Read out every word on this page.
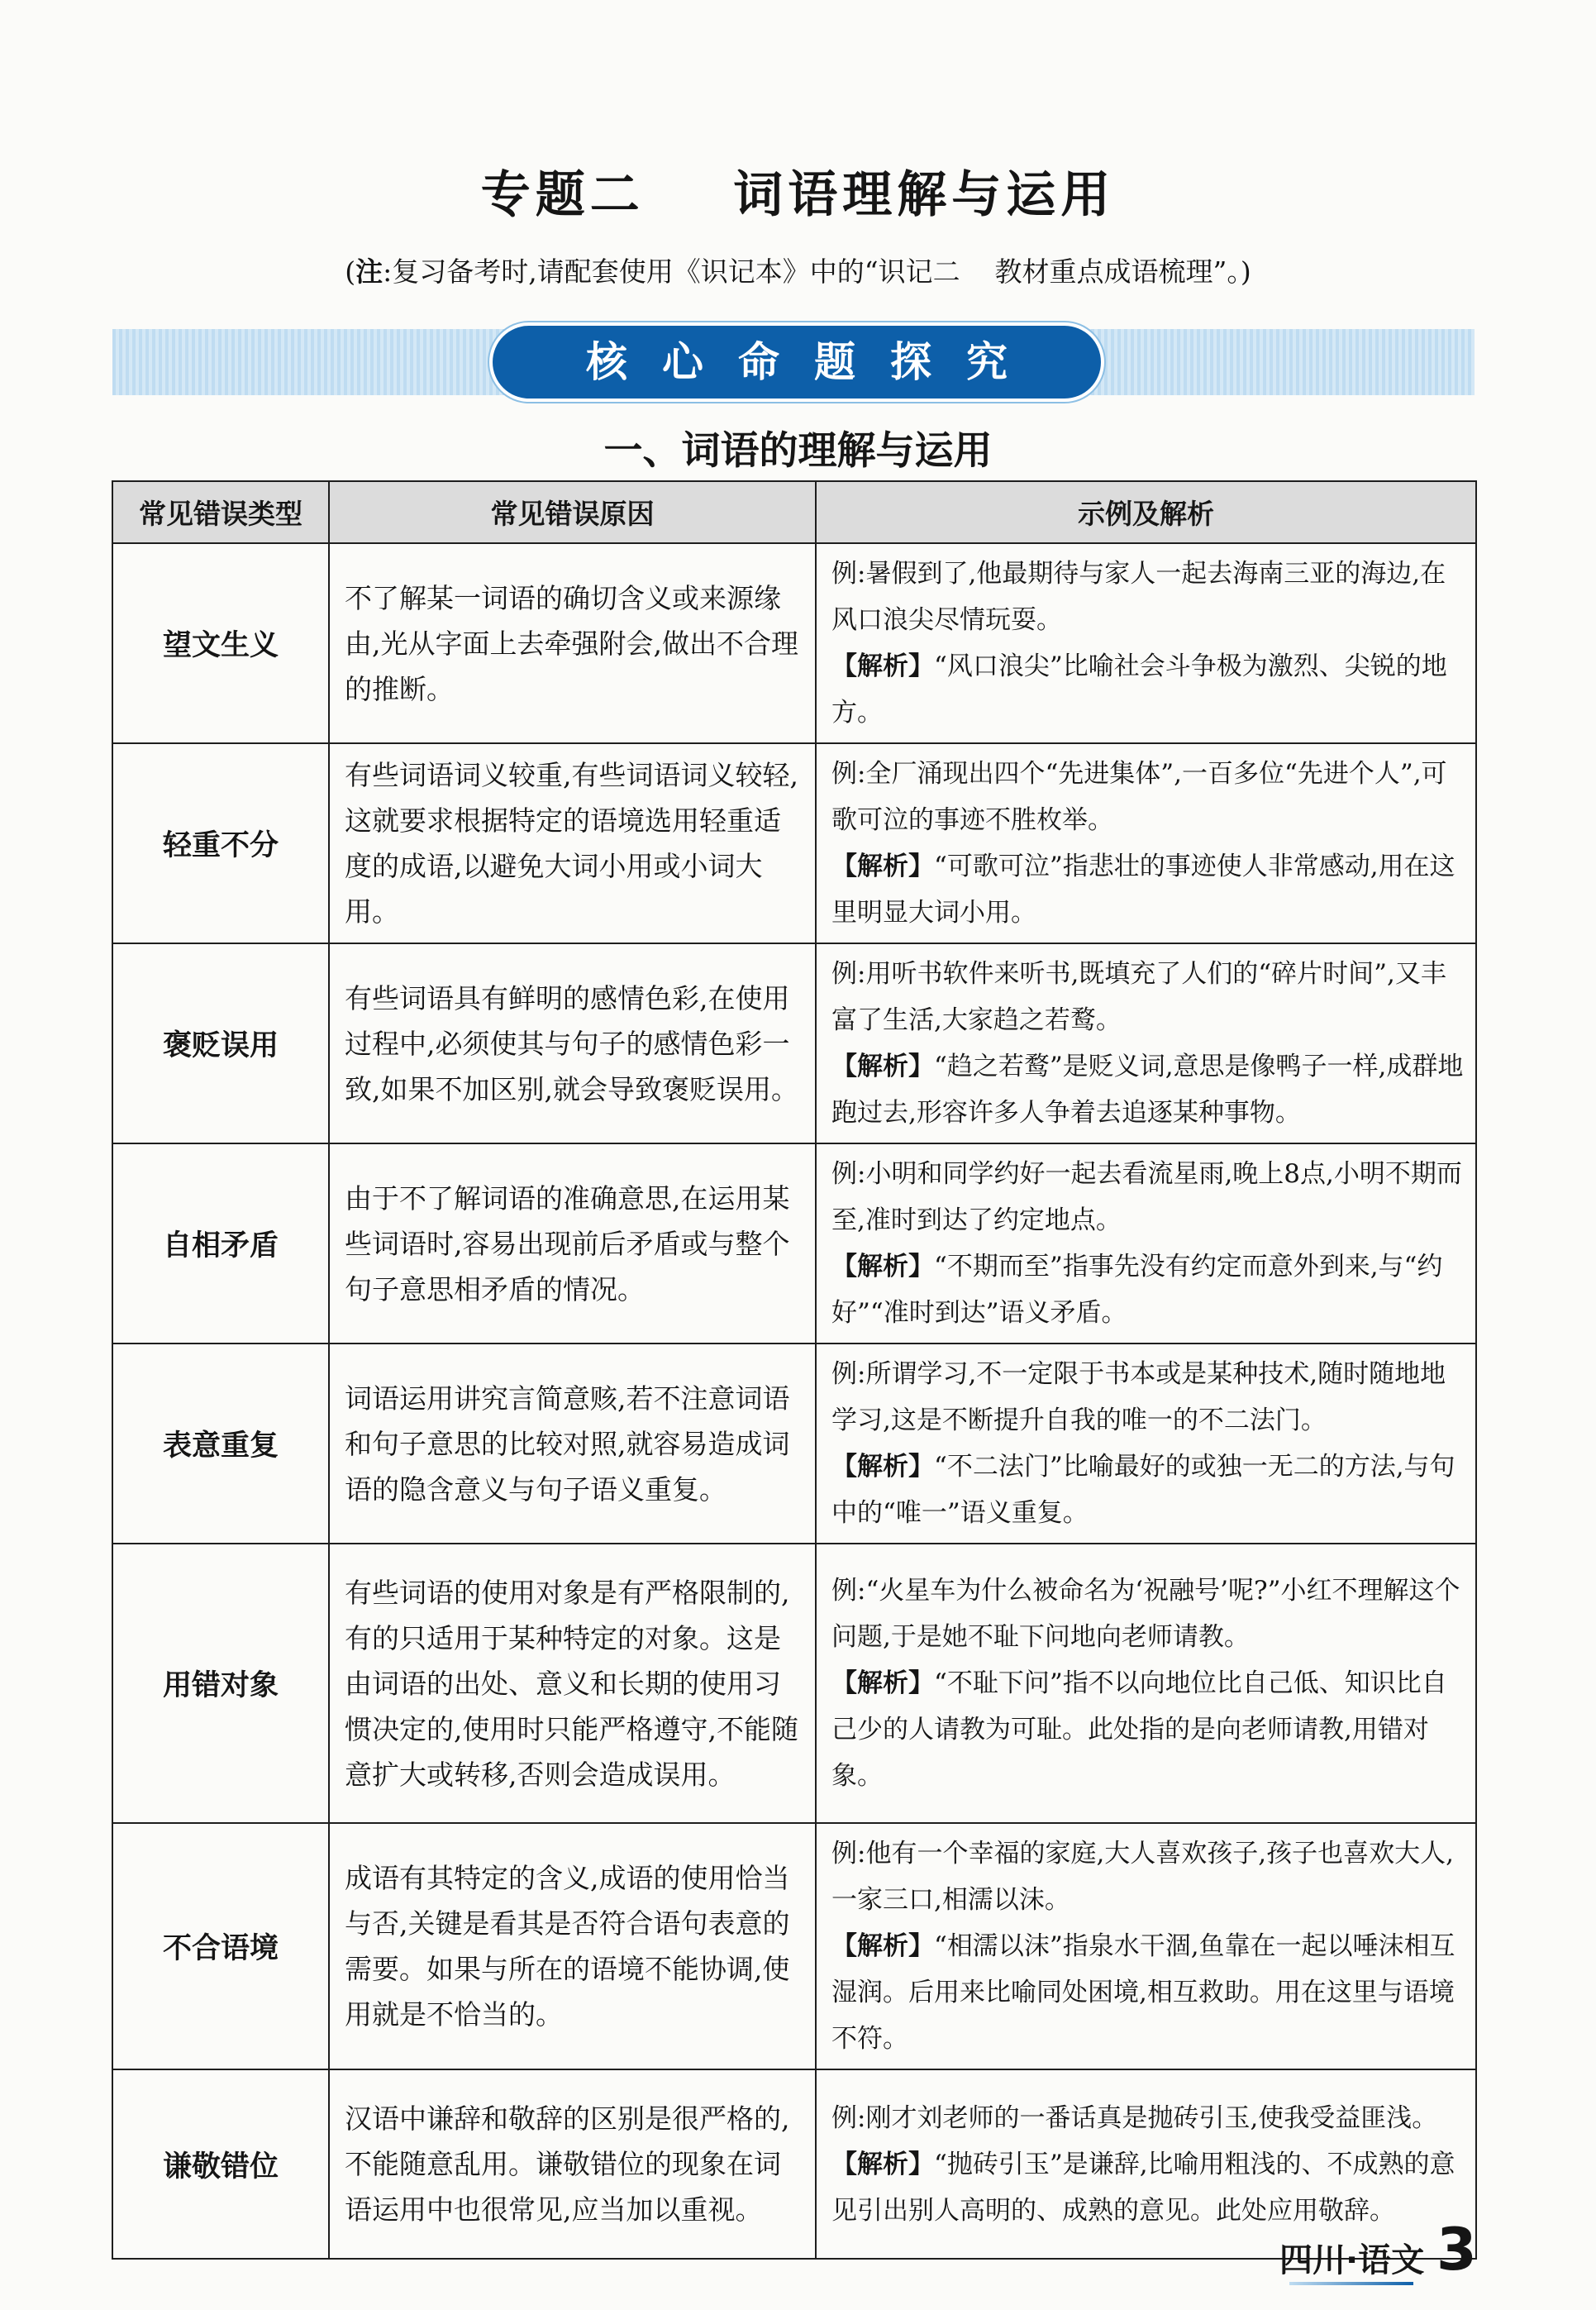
专题二    词语理解与运用
(注:复习备考时,请配套使用《识记本》中的“识记二    教材重点成语梳理”。)
核心命题探究
一、词语的理解与运用
常见错误类型	常见错误原因	示例及解析
望文生义	不了解某一词语的确切含义或来源缘由,光从字面上去牵强附会,做出不合理的推断。	例:暑假到了,他最期待与家人一起去海南三亚的海边,在风口浪尖尽情玩耍。

【解析】“风口浪尖”比喻社会斗争极为激烈、尖锐的地方。

轻重不分	有些词语词义较重,有些词语词义较轻,这就要求根据特定的语境选用轻重适度的成语,以避免大词小用或小词大用。	例:全厂涌现出四个“先进集体”,一百多位“先进个人”,可歌可泣的事迹不胜枚举。

【解析】“可歌可泣”指悲壮的事迹使人非常感动,用在这里明显大词小用。

褒贬误用	有些词语具有鲜明的感情色彩,在使用过程中,必须使其与句子的感情色彩一致,如果不加区别,就会导致褒贬误用。	例:用听书软件来听书,既填充了人们的“碎片时间”,又丰富了生活,大家趋之若鹜。

【解析】“趋之若鹜”是贬义词,意思是像鸭子一样,成群地跑过去,形容许多人争着去追逐某种事物。

自相矛盾	由于不了解词语的准确意思,在运用某些词语时,容易出现前后矛盾或与整个句子意思相矛盾的情况。	例:小明和同学约好一起去看流星雨,晚上8点,小明不期而至,准时到达了约定地点。

【解析】“不期而至”指事先没有约定而意外到来,与“约好”“准时到达”语义矛盾。

表意重复	词语运用讲究言简意赅,若不注意词语和句子意思的比较对照,就容易造成词语的隐含意义与句子语义重复。	例:所谓学习,不一定限于书本或是某种技术,随时随地地学习,这是不断提升自我的唯一的不二法门。

【解析】“不二法门”比喻最好的或独一无二的方法,与句中的“唯一”语义重复。

用错对象	有些词语的使用对象是有严格限制的,有的只适用于某种特定的对象。这是由词语的出处、意义和长期的使用习惯决定的,使用时只能严格遵守,不能随意扩大或转移,否则会造成误用。	例:“火星车为什么被命名为‘祝融号’呢?”小红不理解这个问题,于是她不耻下问地向老师请教。

【解析】“不耻下问”指不以向地位比自己低、知识比自己少的人请教为可耻。此处指的是向老师请教,用错对象。

不合语境	成语有其特定的含义,成语的使用恰当与否,关键是看其是否符合语句表意的需要。如果与所在的语境不能协调,使用就是不恰当的。	例:他有一个幸福的家庭,大人喜欢孩子,孩子也喜欢大人,一家三口,相濡以沫。

【解析】“相濡以沫”指泉水干涸,鱼靠在一起以唾沫相互湿润。后用来比喻同处困境,相互救助。用在这里与语境不符。

谦敬错位	汉语中谦辞和敬辞的区别是很严格的,不能随意乱用。谦敬错位的现象在词语运用中也很常见,应当加以重视。	例:刚才刘老师的一番话真是抛砖引玉,使我受益匪浅。

【解析】“抛砖引玉”是谦辞,比喻用粗浅的、不成熟的意见引出别人高明的、成熟的意见。此处应用敬辞。

四川·语文 3
